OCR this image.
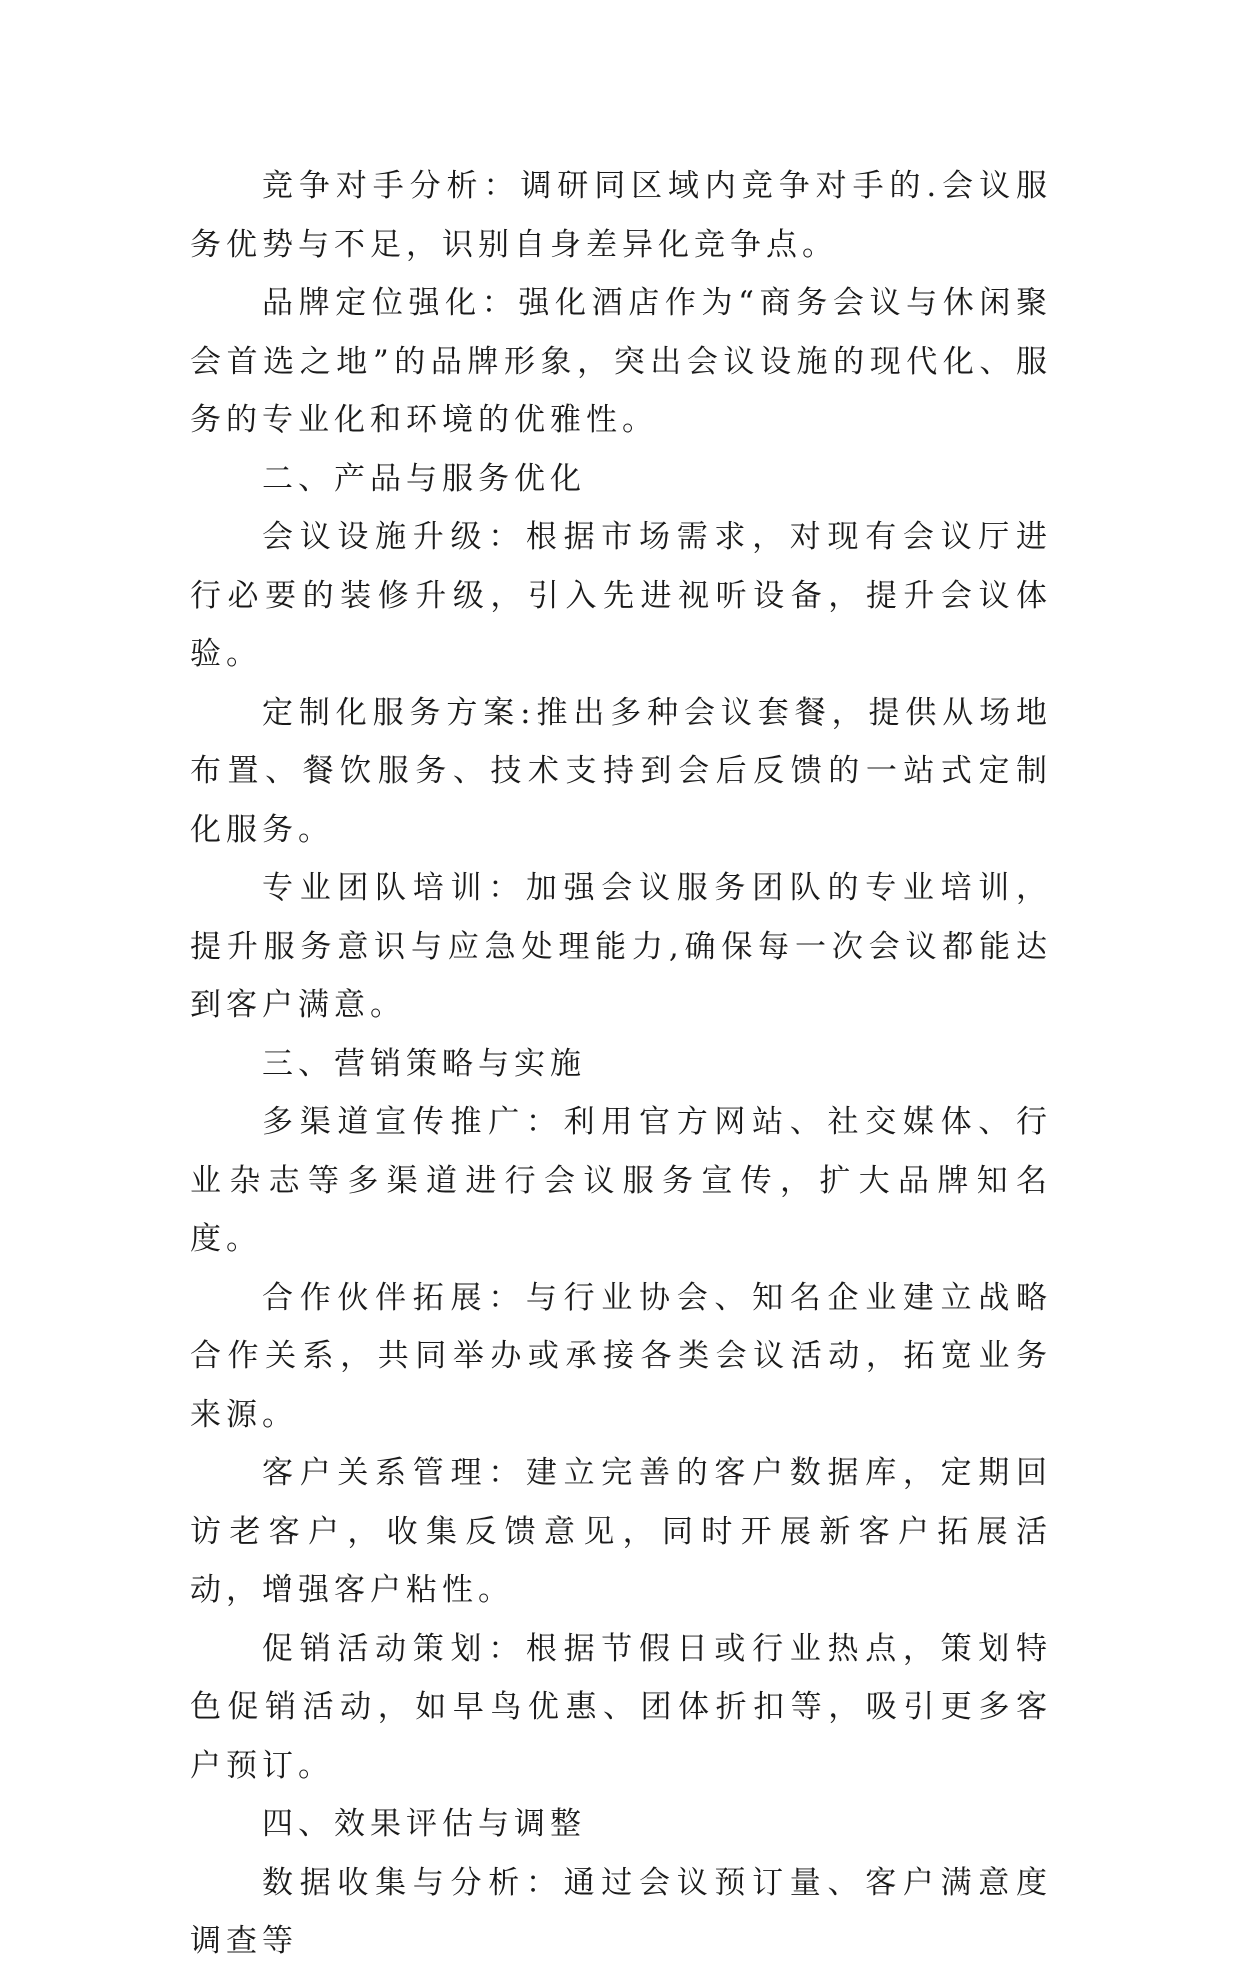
竞争对手分析：调研同区域内竞争对手的.会议服务优势与不足，识别自身差异化竞争点。

品牌定位强化：强化酒店作为“商务会议与休闲聚会首选之地”的品牌形象，突出会议设施的现代化、服务的专业化和环境的优雅性。

二、产品与服务优化

会议设施升级：根据市场需求，对现有会议厅进行必要的装修升级，引入先进视听设备，提升会议体验。

定制化服务方案:推出多种会议套餐，提供从场地布置、餐饮服务、技术支持到会后反馈的一站式定制化服务。

专业团队培训：加强会议服务团队的专业培训，提升服务意识与应急处理能力,确保每一次会议都能达到客户满意。

三、营销策略与实施

多渠道宣传推广：利用官方网站、社交媒体、行业杂志等多渠道进行会议服务宣传，扩大品牌知名度。

合作伙伴拓展：与行业协会、知名企业建立战略合作关系，共同举办或承接各类会议活动，拓宽业务来源。

客户关系管理：建立完善的客户数据库，定期回访老客户，收集反馈意见，同时开展新客户拓展活动，增强客户粘性。

促销活动策划：根据节假日或行业热点，策划特色促销活动，如早鸟优惠、团体折扣等，吸引更多客户预订。

四、效果评估与调整

数据收集与分析：通过会议预订量、客户满意度调查等
